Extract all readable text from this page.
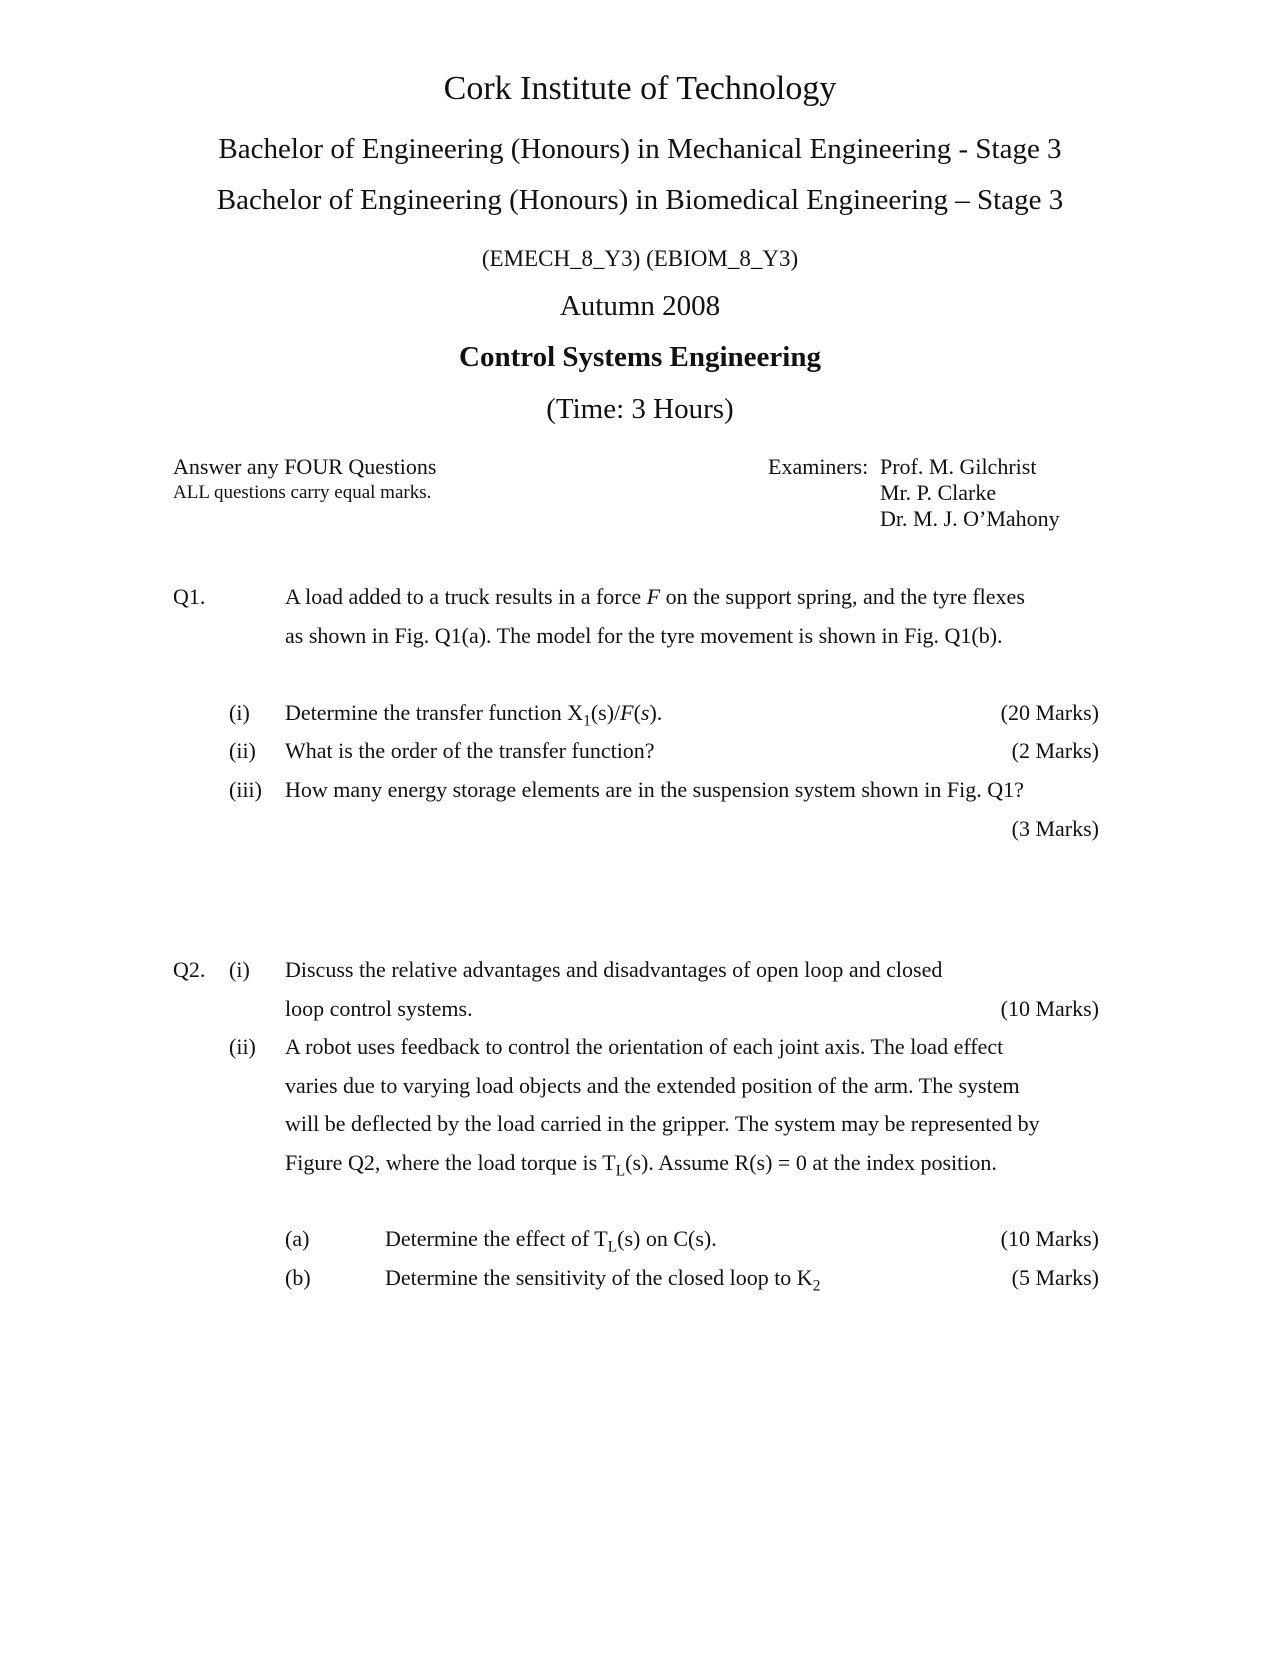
Cork Institute of Technology
Bachelor of Engineering (Honours) in Mechanical Engineering - Stage 3
Bachelor of Engineering (Honours) in Biomedical Engineering – Stage 3
(EMECH_8_Y3) (EBIOM_8_Y3)
Autumn 2008
Control Systems Engineering
(Time: 3 Hours)
Answer any FOUR Questions
ALL questions carry equal marks.
Examiners: Prof. M. Gilchrist
Mr. P. Clarke
Dr. M. J. O’Mahony
Q1.	A load added to a truck results in a force F on the support spring, and the tyre flexes
as shown in Fig. Q1(a). The model for the tyre movement is shown in Fig. Q1(b).
(i) Determine the transfer function $X_1(s)/F(s)$.	(20 Marks)
(ii) What is the order of the transfer function?	(2 Marks)
(iii) How many energy storage elements are in the suspension system shown in Fig. Q1?
(3 Marks)
Q2. (i) Discuss the relative advantages and disadvantages of open loop and closed
loop control systems.	(10 Marks)
(ii) A robot uses feedback to control the orientation of each joint axis. The load effect
varies due to varying load objects and the extended position of the arm. The system
will be deflected by the load carried in the gripper. The system may be represented by
Figure Q2, where the load torque is $T_L(s)$. Assume R(s) = 0 at the index position.
(a)	Determine the effect of $T_L(s)$ on C(s).	(10 Marks)
(b)	Determine the sensitivity of the closed loop to $K_2$	(5 Marks)
